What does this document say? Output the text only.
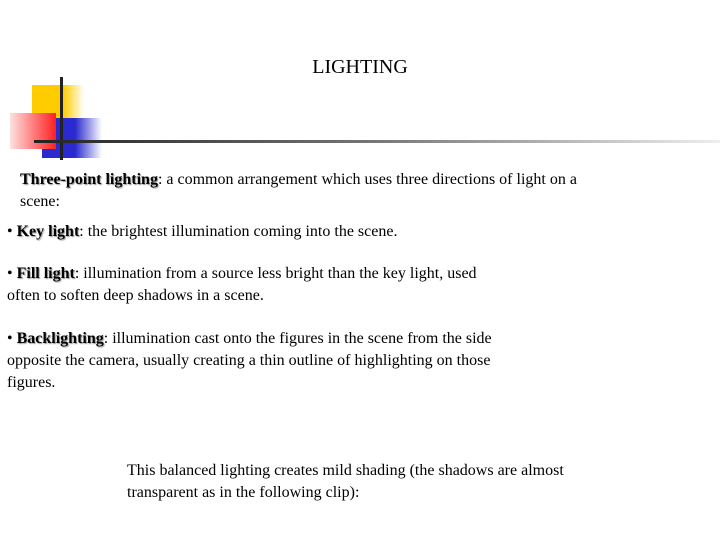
LIGHTING
Three-point lighting: a common arrangement which uses three directions of light on a scene:
• Key light: the brightest illumination coming into the scene.
• Fill light: illumination from a source less bright than the key light, used often to soften deep shadows in a scene.
• Backlighting: illumination cast onto the figures in the scene from the side opposite the camera, usually creating a thin outline of highlighting on those figures.
This balanced lighting creates mild shading (the shadows are almost transparent as in the following clip):
